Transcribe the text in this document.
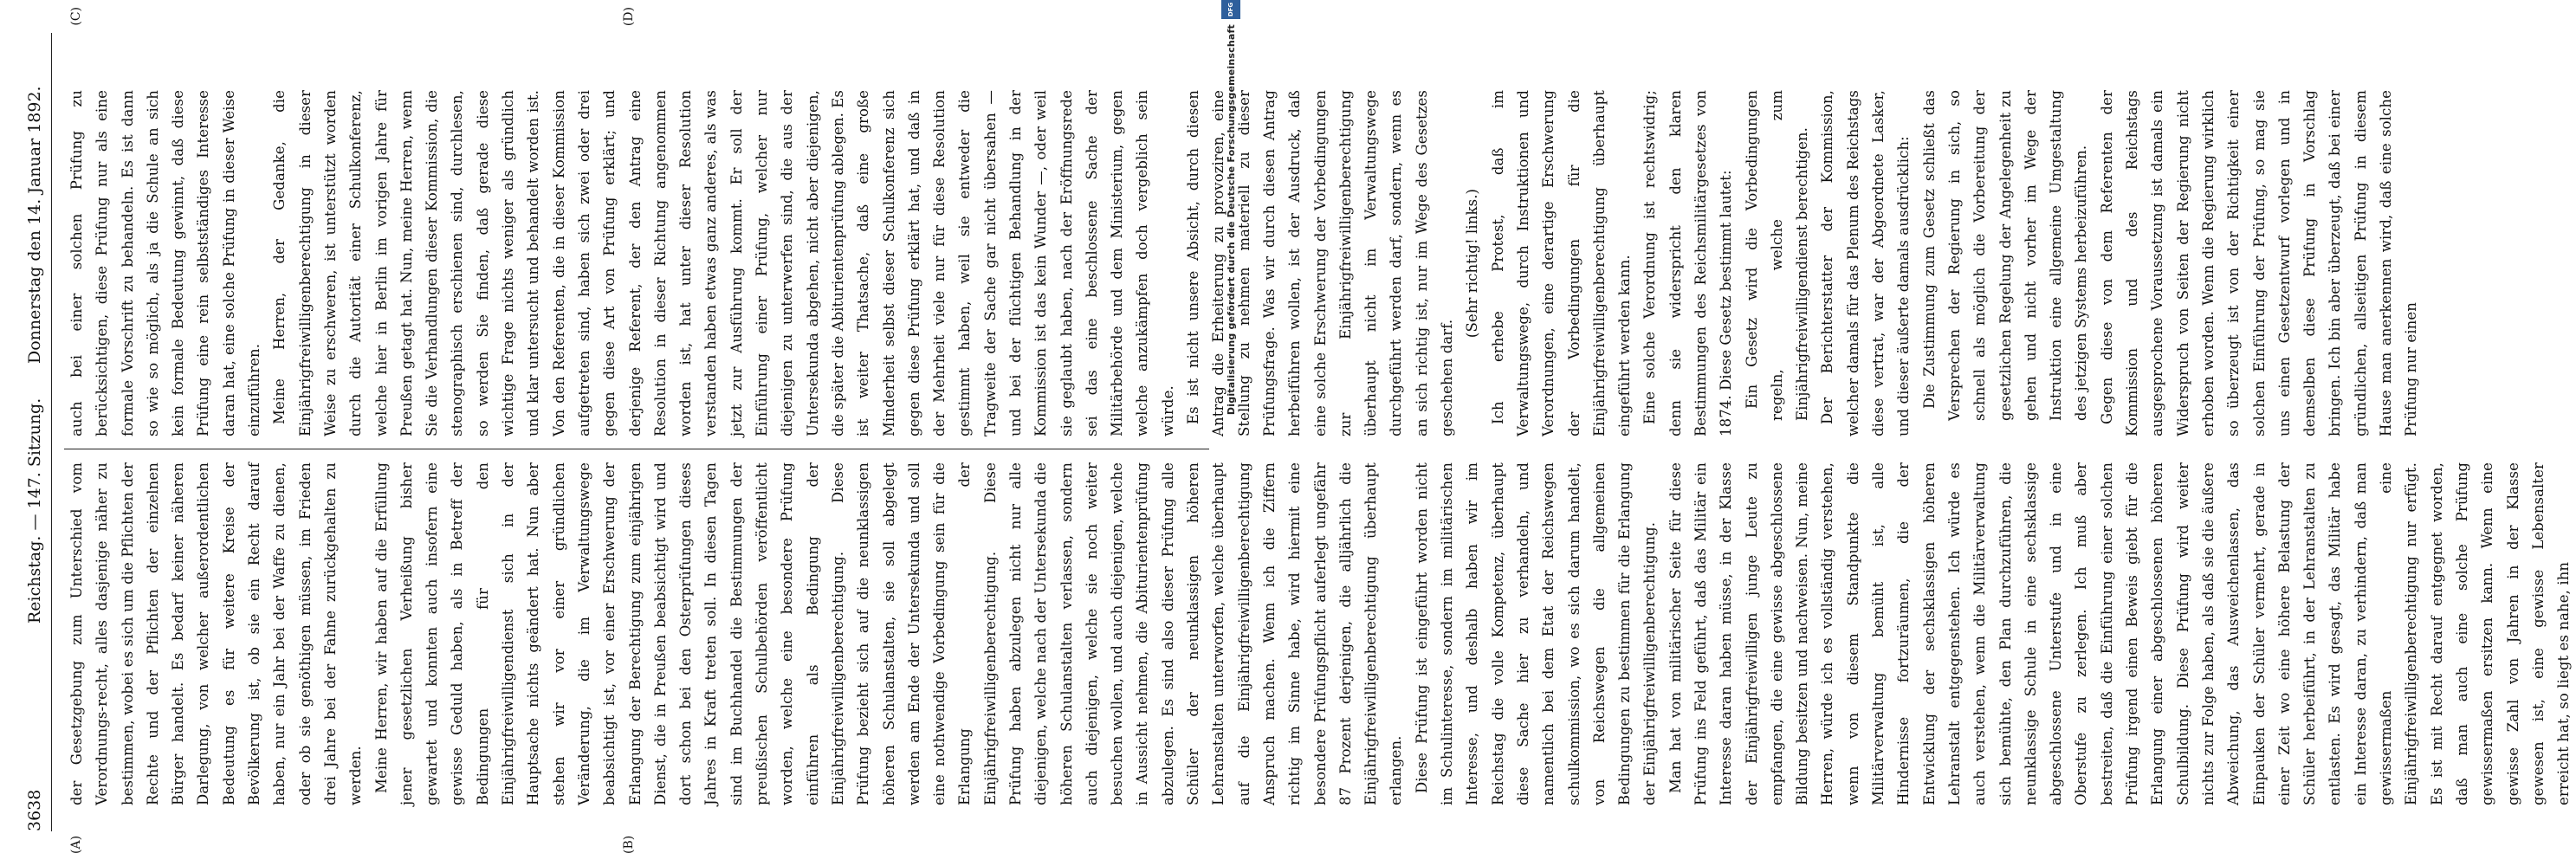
3638
Reichstag. — 147. Sitzung.
Donnerstag den 14. Januar 1892.
(A)	(B)
(C)	(D)

der Gesetzgebung zum Unterschied vom Verordnungs-recht, alles dasjenige näher zu bestimmen, wobei es sich um die Pflichten der Rechte und der Pflichten der einzelnen Bürger handelt. Es bedarf keiner näheren Darlegung, von welcher außerordentlichen Bedeutung es für weitere Kreise der Bevölkerung ist, ob sie ein Recht darauf haben, nur ein Jahr bei der Waffe zu dienen, oder ob sie genöthigen müssen, im Frieden drei Jahre bei der Fahne zurückgehalten zu werden. Meine Herren, wir haben auf die Erfüllung jener gesetzlichen Verheißung bisher gewartet und konnten auch insofern eine gewisse Geduld haben, als in Betreff der Bedingungen für den Einjährigfreiwilligendienst sich in der Hauptsache nichts geändert hat. Nun aber stehen wir vor einer gründlichen Veränderung, die im Verwaltungswege beabsichtigt ist, vor einer Erschwerung der Erlangung der Berechtigung zum einjährigen Dienst, die in Preußen beabsichtigt wird und dort schon bei den Osterprüfungen dieses Jahres in Kraft treten soll. In diesen Tagen sind im Buchhandel die Bestimmungen der preußischen Schulbehörden veröffentlicht worden, welche eine besondere Prüfung einführen als Bedingung der Einjährigfreiwilligenberechtigung. Diese Prüfung bezieht sich auf die neunklassigen höheren Schulanstalten, sie soll abgelegt werden am Ende der Untersekunda und soll eine nothwendige Vorbedingung sein für die Erlangung der Einjährigfreiwilligenberechtigung. Diese Prüfung haben abzulegen nicht nur alle diejenigen, welche nach der Untersekunda die höheren Schulanstalten verlassen, sondern auch diejenigen, welche sie noch weiter besuchen wollen, und auch diejenigen, welche in Aussicht nehmen, die Abiturientenprüfung abzulegen. Es sind also dieser Prüfung alle Schüler der neunklassigen höheren Lehranstalten unterworfen, welche überhaupt auf die Einjährigfreiwilligenberechtigung Anspruch machen. Wenn ich die Ziffern richtig im Sinne habe, wird hiermit eine besondere Prüfungspflicht auferlegt ungefähr 87 Prozent derjenigen, die alljährlich die Einjährigfreiwilligenberechtigung überhaupt erlangen. Diese Prüfung ist eingeführt worden nicht im Schulinteresse, sondern im militärischen Interesse, und deshalb haben wir im Reichstag die volle Kompetenz, überhaupt diese Sache hier zu verhandeln, und namentlich bei dem Etat der Reichswegen schulkommission, wo es sich darum handelt, von Reichswegen die allgemeinen Bedingungen zu bestimmen für die Erlangung der Einjährigfreiwilligenberechtigung. Man hat von militärischer Seite für diese Prüfung ins Feld geführt, daß das Militär ein Interesse daran haben müsse, in der Klasse der Einjährigfreiwilligen junge Leute zu empfangen, die eine gewisse abgeschlossene Bildung besitzen und nachweisen. Nun, meine Herren, würde ich es vollständig verstehen, wenn von diesem Standpunkte die Militärverwaltung bemüht ist, alle Hindernisse fortzuräumen, die der Entwicklung der sechsklassigen höheren Lehranstalt entgegenstehen. Ich würde es auch verstehen, wenn die Militärverwaltung sich bemühte, den Plan durchzuführen, die neunklassige Schule in eine sechsklassige abgeschlossene Unterstufe und in eine Oberstufe zu zerlegen. Ich muß aber bestreiten, daß die Einführung einer solchen Prüfung irgend einen Beweis giebt für die Erlangung einer abgeschlossenen höheren Schulbildung. Diese Prüfung wird weiter nichts zur Folge haben, als daß sie die äußere Abweichung, das Ausweichenlassen, das Einpauken der Schüler vermehrt, gerade in einer Zeit wo eine höhere Belastung der Schüler herbeiführt, in der Lehranstalten zu entlasten. Es wird gesagt, das Militär habe ein Interesse daran, zu verhindern, daß man gewissermaßen eine Einjährigfreiwilligenberechtigung nur erfügt. Es ist mit Recht darauf entgegnet worden, daß man auch eine solche Prüfung gewissermaßen ersitzen kann. Wenn eine gewisse Zahl von Jahren in der Klasse gewesen ist, eine gewisse Lebensalter erreicht hat, so liegt es nahe, ihn

auch bei einer solchen Prüfung zu berücksichtigen, diese Prüfung nur als eine formale Vorschrift zu behandeln. Es ist dann so wie so möglich, als ja die Schule an sich kein formale Bedeutung gewinnt, daß diese Prüfung eine rein selbstständiges Interesse daran hat, eine solche Prüfung in dieser Weise einzuführen. Meine Herren, der Gedanke, die Einjährigfreiwilligenberechtigung in dieser Weise zu erschweren, ist unterstützt worden durch die Autorität einer Schulkonferenz, welche hier in Berlin im vorigen Jahre für Preußen getagt hat. Nun, meine Herren, wenn Sie die Verhandlungen dieser Kommission, die stenographisch erschienen sind, durchlesen, so werden Sie finden, daß gerade diese wichtige Frage nichts weniger als gründlich und klar untersucht und behandelt worden ist. Von den Referenten, die in dieser Kommission aufgetreten sind, haben sich zwei oder drei gegen diese Art von Prüfung erklärt; und derjenige Referent, der den Antrag eine Resolution in dieser Richtung angenommen worden ist, hat unter dieser Resolution verstanden haben etwas ganz anderes, als was jetzt zur Ausführung kommt. Er soll der Einführung einer Prüfung, welcher nur diejenigen zu unterwerfen sind, die aus der Untersekunda abgehen, nicht aber diejenigen, die später die Abiturientenprüfung ablegen. Es ist weiter Thatsache, daß eine große Minderheit selbst dieser Schulkonferenz sich gegen diese Prüfung erklärt hat, und daß in der Mehrheit viele nur für diese Resolution gestimmt haben, weil sie entweder die Tragweite der Sache gar nicht übersahen — und bei der flüchtigen Behandlung in der Kommission ist das kein Wunder —, oder weil sie geglaubt haben, nach der Eröffnungsrede sei das eine beschlossene Sache der Militärbehörde und dem Ministerium, gegen welche anzukämpfen doch vergeblich sein würde. Es ist nicht unsere Absicht, durch diesen Antrag die Erheiterung zu provoziren, eine Stellung zu nehmen materiell zu dieser Prüfungsfrage. Was wir durch diesen Antrag herbeiführen wollen, ist der Ausdruck, daß eine solche Erschwerung der Vorbedingungen zur Einjährigfreiwilligenberechtigung überhaupt nicht im Verwaltungswege durchgeführt werden darf, sondern, wenn es an sich richtig ist, nur im Wege des Gesetzes geschehen darf.

(Sehr richtig! links.) Ich erhebe Protest, daß im Verwaltungswege, durch Instruktionen und Verordnungen, eine derartige Erschwerung der Vorbedingungen für die Einjährigfreiwilligenberechtigung überhaupt eingeführt werden kann. Eine solche Verordnung ist rechtswidrig; denn sie widerspricht den klaren Bestimmungen des Reichsmilitärgesetzes von 1874. Diese Gesetz bestimmt lautet: Ein Gesetz wird die Vorbedingungen regeln, welche zum Einjährigfreiwilligendienst berechtigen. Der Berichterstatter der Kommission, welcher damals für das Plenum des Reichstags diese vertrat, war der Abgeordnete Lasker, und dieser äußerte damals ausdrücklich: Die Zustimmung zum Gesetz schließt das Versprechen der Regierung in sich, so schnell als möglich die Vorbereitung der gesetzlichen Regelung der Angelegenheit zu gehen und nicht vorher im Wege der Instruktion eine allgemeine Umgestaltung des jetzigen Systems herbeizuführen. Gegen diese von dem Referenten der Kommission und des Reichstags ausgesprochene Voraussetzung ist damals ein Widerspruch von Seiten der Regierung nicht erhoben worden. Wenn die Regierung wirklich so überzeugt ist von der Richtigkeit einer solchen Einführung der Prüfung, so mag sie uns einen Gesetzentwurf vorlegen und in demselben diese Prüfung in Vorschlag bringen. Ich bin aber überzeugt, daß bei einer gründlichen, allseitigen Prüfung in diesem Hause man anerkennen wird, daß eine solche Prüfung nur einen

Digitalisierung gefördert durch die Deutsche Forschungsgemeinschaft
DFG
